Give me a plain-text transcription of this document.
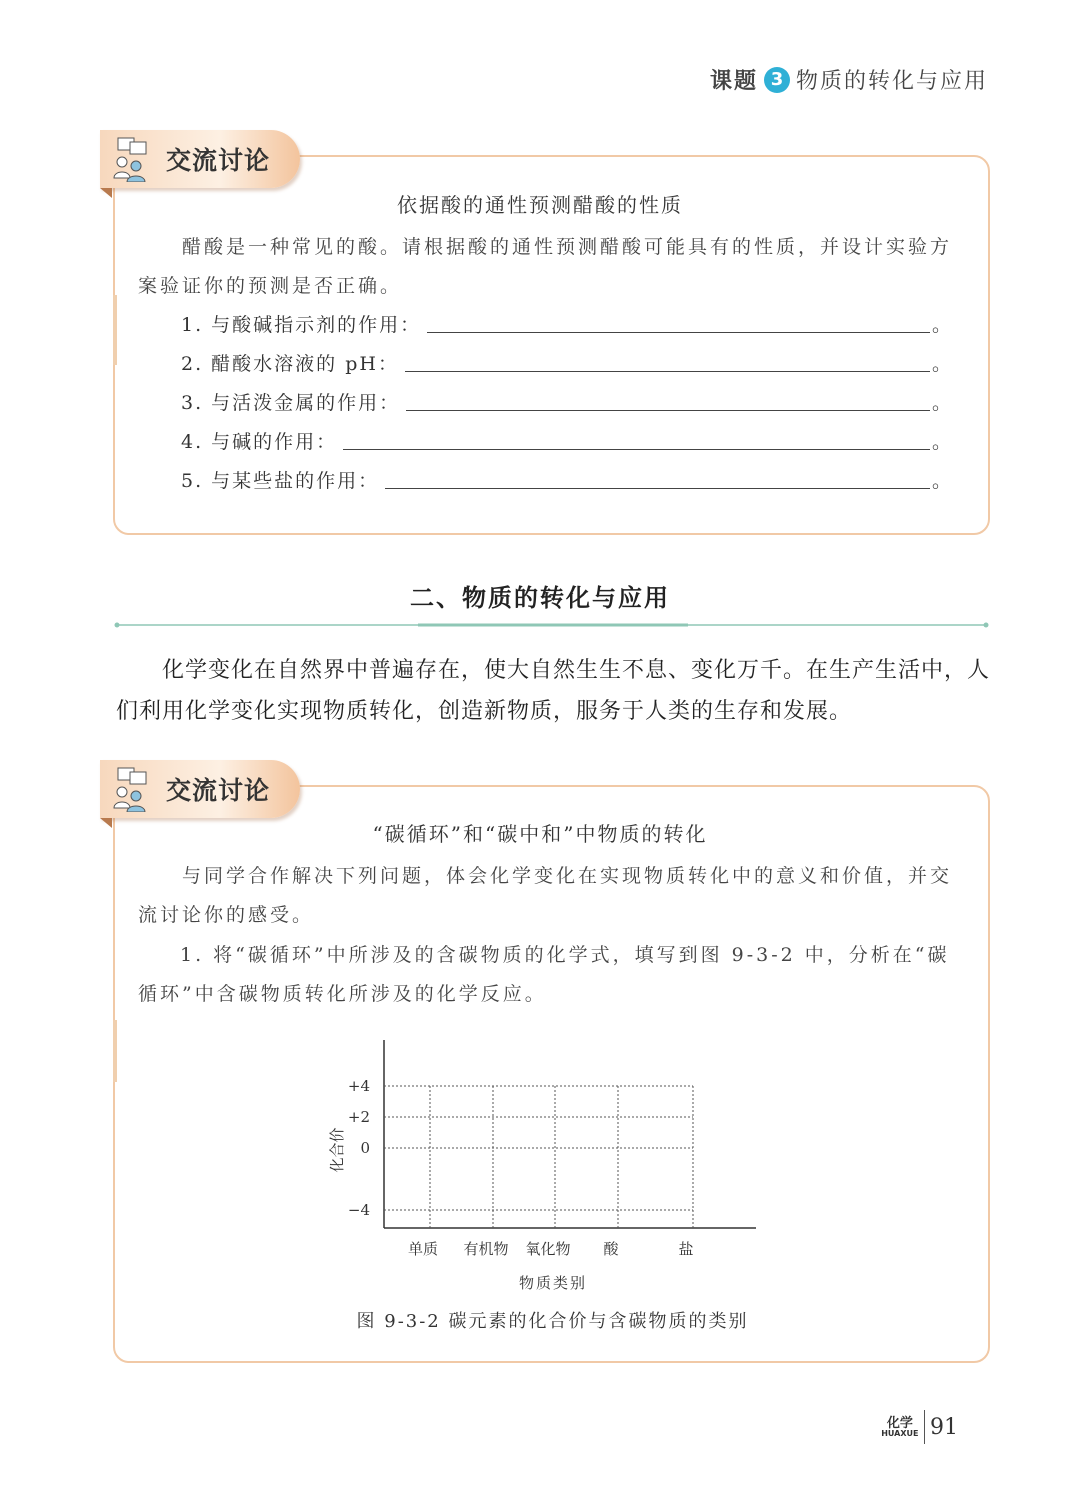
课题 3 物质的转化与应用
交流讨论
依据酸的通性预测醋酸的性质
醋酸是一种常见的酸。请根据酸的通性预测醋酸可能具有的性质，并设计实验方案验证你的预测是否正确。
1. 与酸碱指示剂的作用：	。
2. 醋酸水溶液的 pH：	。
3. 与活泼金属的作用：	。
4. 与碱的作用：	。
5. 与某些盐的作用：	。
二、物质的转化与应用
化学变化在自然界中普遍存在，使大自然生生不息、变化万千。在生产生活中，人们利用化学变化实现物质转化，创造新物质，服务于人类的生存和发展。
交流讨论
“碳循环”和“碳中和”中物质的转化
与同学合作解决下列问题，体会化学变化在实现物质转化中的意义和价值，并交流讨论你的感受。
1. 将“碳循环”中所涉及的含碳物质的化学式，填写到图 9-3-2 中，分析在“碳循环”中含碳物质转化所涉及的化学反应。
化合价
物质类别
+4
+2
0
−4
单质 有机物 氧化物 酸	盐
图 9-3-2 碳元素的化合价与含碳物质的类别
化学
HUAXUE 91
